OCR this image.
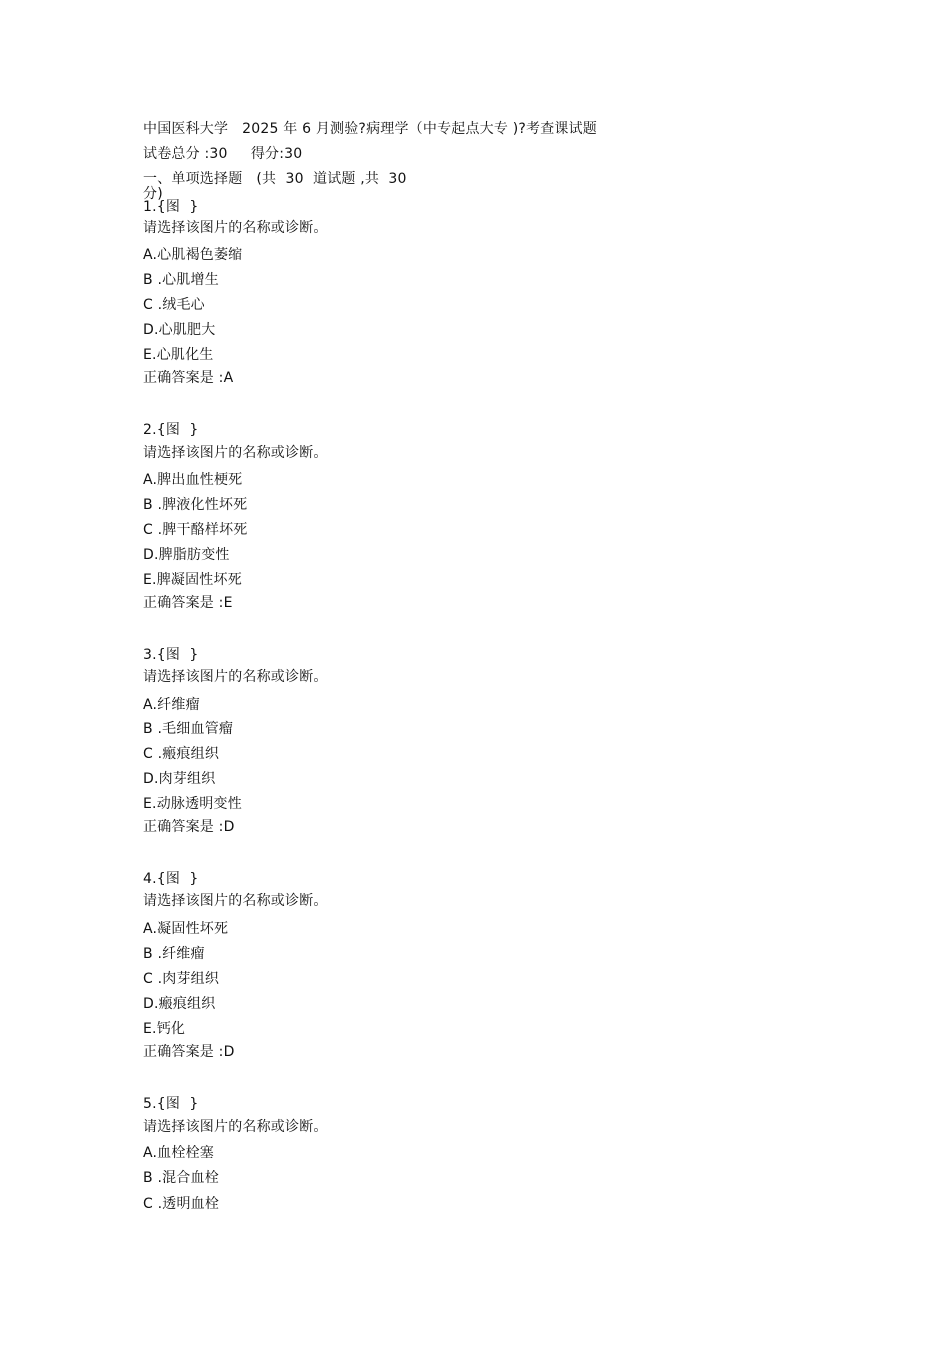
中国医科大学   2025 年 6 月测验?病理学（中专起点大专 )?考查课试题
试卷总分 :30     得分:30
一、单项选择题   (共  30  道试题 ,共  30
分)
1.{图  }
请选择该图片的名称或诊断。
A.心肌褐色萎缩
B .心肌增生
C .绒毛心
D.心肌肥大
E.心肌化生
正确答案是 :A
2.{图  }
请选择该图片的名称或诊断。
A.脾出血性梗死
B .脾液化性坏死
C .脾干酪样坏死
D.脾脂肪变性
E.脾凝固性坏死
正确答案是 :E
3.{图  }
请选择该图片的名称或诊断。
A.纤维瘤
B .毛细血管瘤
C .瘢痕组织
D.肉芽组织
E.动脉透明变性
正确答案是 :D
4.{图  }
请选择该图片的名称或诊断。
A.凝固性坏死
B .纤维瘤
C .肉芽组织
D.瘢痕组织
E.钙化
正确答案是 :D
5.{图  }
请选择该图片的名称或诊断。
A.血栓栓塞
B .混合血栓
C .透明血栓
